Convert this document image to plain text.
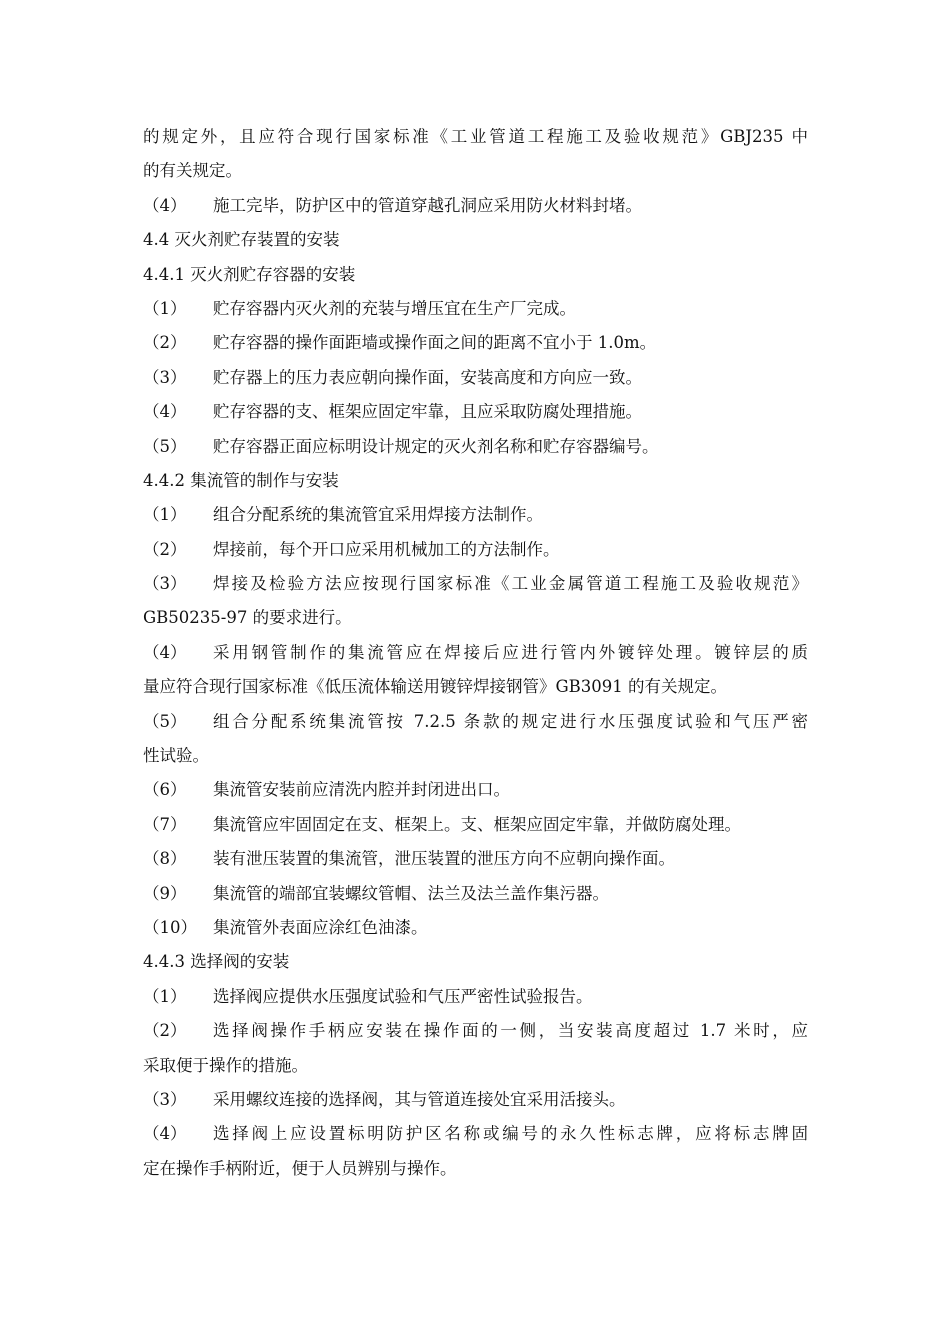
的规定外，且应符合现行国家标准《工业管道工程施工及验收规范》GBJ235 中
的有关规定。
（4） 施工完毕，防护区中的管道穿越孔洞应采用防火材料封堵。
4.4 灭火剂贮存装置的安装
4.4.1 灭火剂贮存容器的安装
（1） 贮存容器内灭火剂的充装与增压宜在生产厂完成。
（2） 贮存容器的操作面距墙或操作面之间的距离不宜小于 1.0m。
（3） 贮存器上的压力表应朝向操作面，安装高度和方向应一致。
（4） 贮存容器的支、框架应固定牢靠，且应采取防腐处理措施。
（5） 贮存容器正面应标明设计规定的灭火剂名称和贮存容器编号。
4.4.2 集流管的制作与安装
（1） 组合分配系统的集流管宜采用焊接方法制作。
（2） 焊接前，每个开口应采用机械加工的方法制作。
（3）	焊接及检验方法应按现行国家标准《工业金属管道工程施工及验收规范》
GB50235-97 的要求进行。
（4）	采用钢管制作的集流管应在焊接后应进行管内外镀锌处理。镀锌层的质
量应符合现行国家标准《低压流体输送用镀锌焊接钢管》GB3091 的有关规定。
（5）	组合分配系统集流管按 7.2.5 条款的规定进行水压强度试验和气压严密
性试验。
（6） 集流管安装前应清洗内腔并封闭进出口。
（7） 集流管应牢固固定在支、框架上。支、框架应固定牢靠，并做防腐处理。
（8） 装有泄压装置的集流管，泄压装置的泄压方向不应朝向操作面。
（9） 集流管的端部宜装螺纹管帽、法兰及法兰盖作集污器。
（10） 集流管外表面应涂红色油漆。
4.4.3 选择阀的安装
（1） 选择阀应提供水压强度试验和气压严密性试验报告。
（2）	选择阀操作手柄应安装在操作面的一侧，当安装高度超过 1.7 米时，应
采取便于操作的措施。
（3） 采用螺纹连接的选择阀，其与管道连接处宜采用活接头。
（4）	选择阀上应设置标明防护区名称或编号的永久性标志牌，应将标志牌固
定在操作手柄附近，便于人员辨别与操作。
